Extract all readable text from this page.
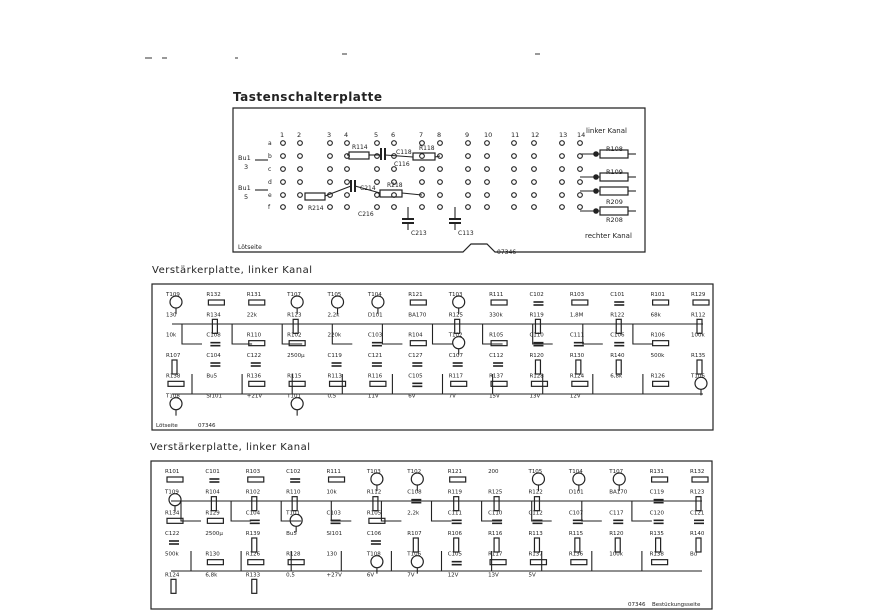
Tastenschalterplatte
Verstärkerplatte, linker Kanal
Verstärkerplatte, linker Kanal
1 2	3 4	5 6	7 8	9 10	11 12	13 14
a
b
c
d
e
f
Bu1
3
Bu1
5
R114
C118
R118
C116
R214
C214 R218
C216
C213	C113
R108
R109
R209
R208
linker Kanal
rechter Kanal
Lötseite
07346
T109	R132	R131	T107	T105	T104	R121	T103	R111	C102	R103	C101	R101	R129
130	R134	22k	R123	2,2k	D101	BA170	R125	330k	R119	1,8M	R122	68k	R112
10k	C108	R110	R102	220k	C103	R104	T102	R105	C110	C111	C106	R106	100k
R107	C104	C122	2500µ	C119	C121	C127	C107	C112	R120	R130	R140	500k	R135
R138	Bu5	R136	R115	R113	R116	C105	R117	R137	R128	R124	6,8k	R126	T106
T108	SI101	+21V	T101	0,5	11V	6V	7V	15V	13V	12V
Lötseite	07346
R101	C101	R103	C102	R111	T103	T102	R121	200	T105	T104	T107	R131	R132
T109	R104	R102	R110	10k	R112	C108	R119	R125	R122	D101	BA170	C119	R123
R134	R129	C104	T101	C103	R105	2,2k	C111	C110	C112	C107	C117	C120	C121
C122	2500µ	R139	Bu5	SI101	C106	R107	R106	R116	R113	R115	R120	R135	R140
500k	R130	R126	R128	130	T108	T106	C105	R117	R137	R136	100k	R138	Bu
R124	6,8k	R133	0,5	+27V	6V	7V	12V	13V	5V
07346 Bestückungsseite
